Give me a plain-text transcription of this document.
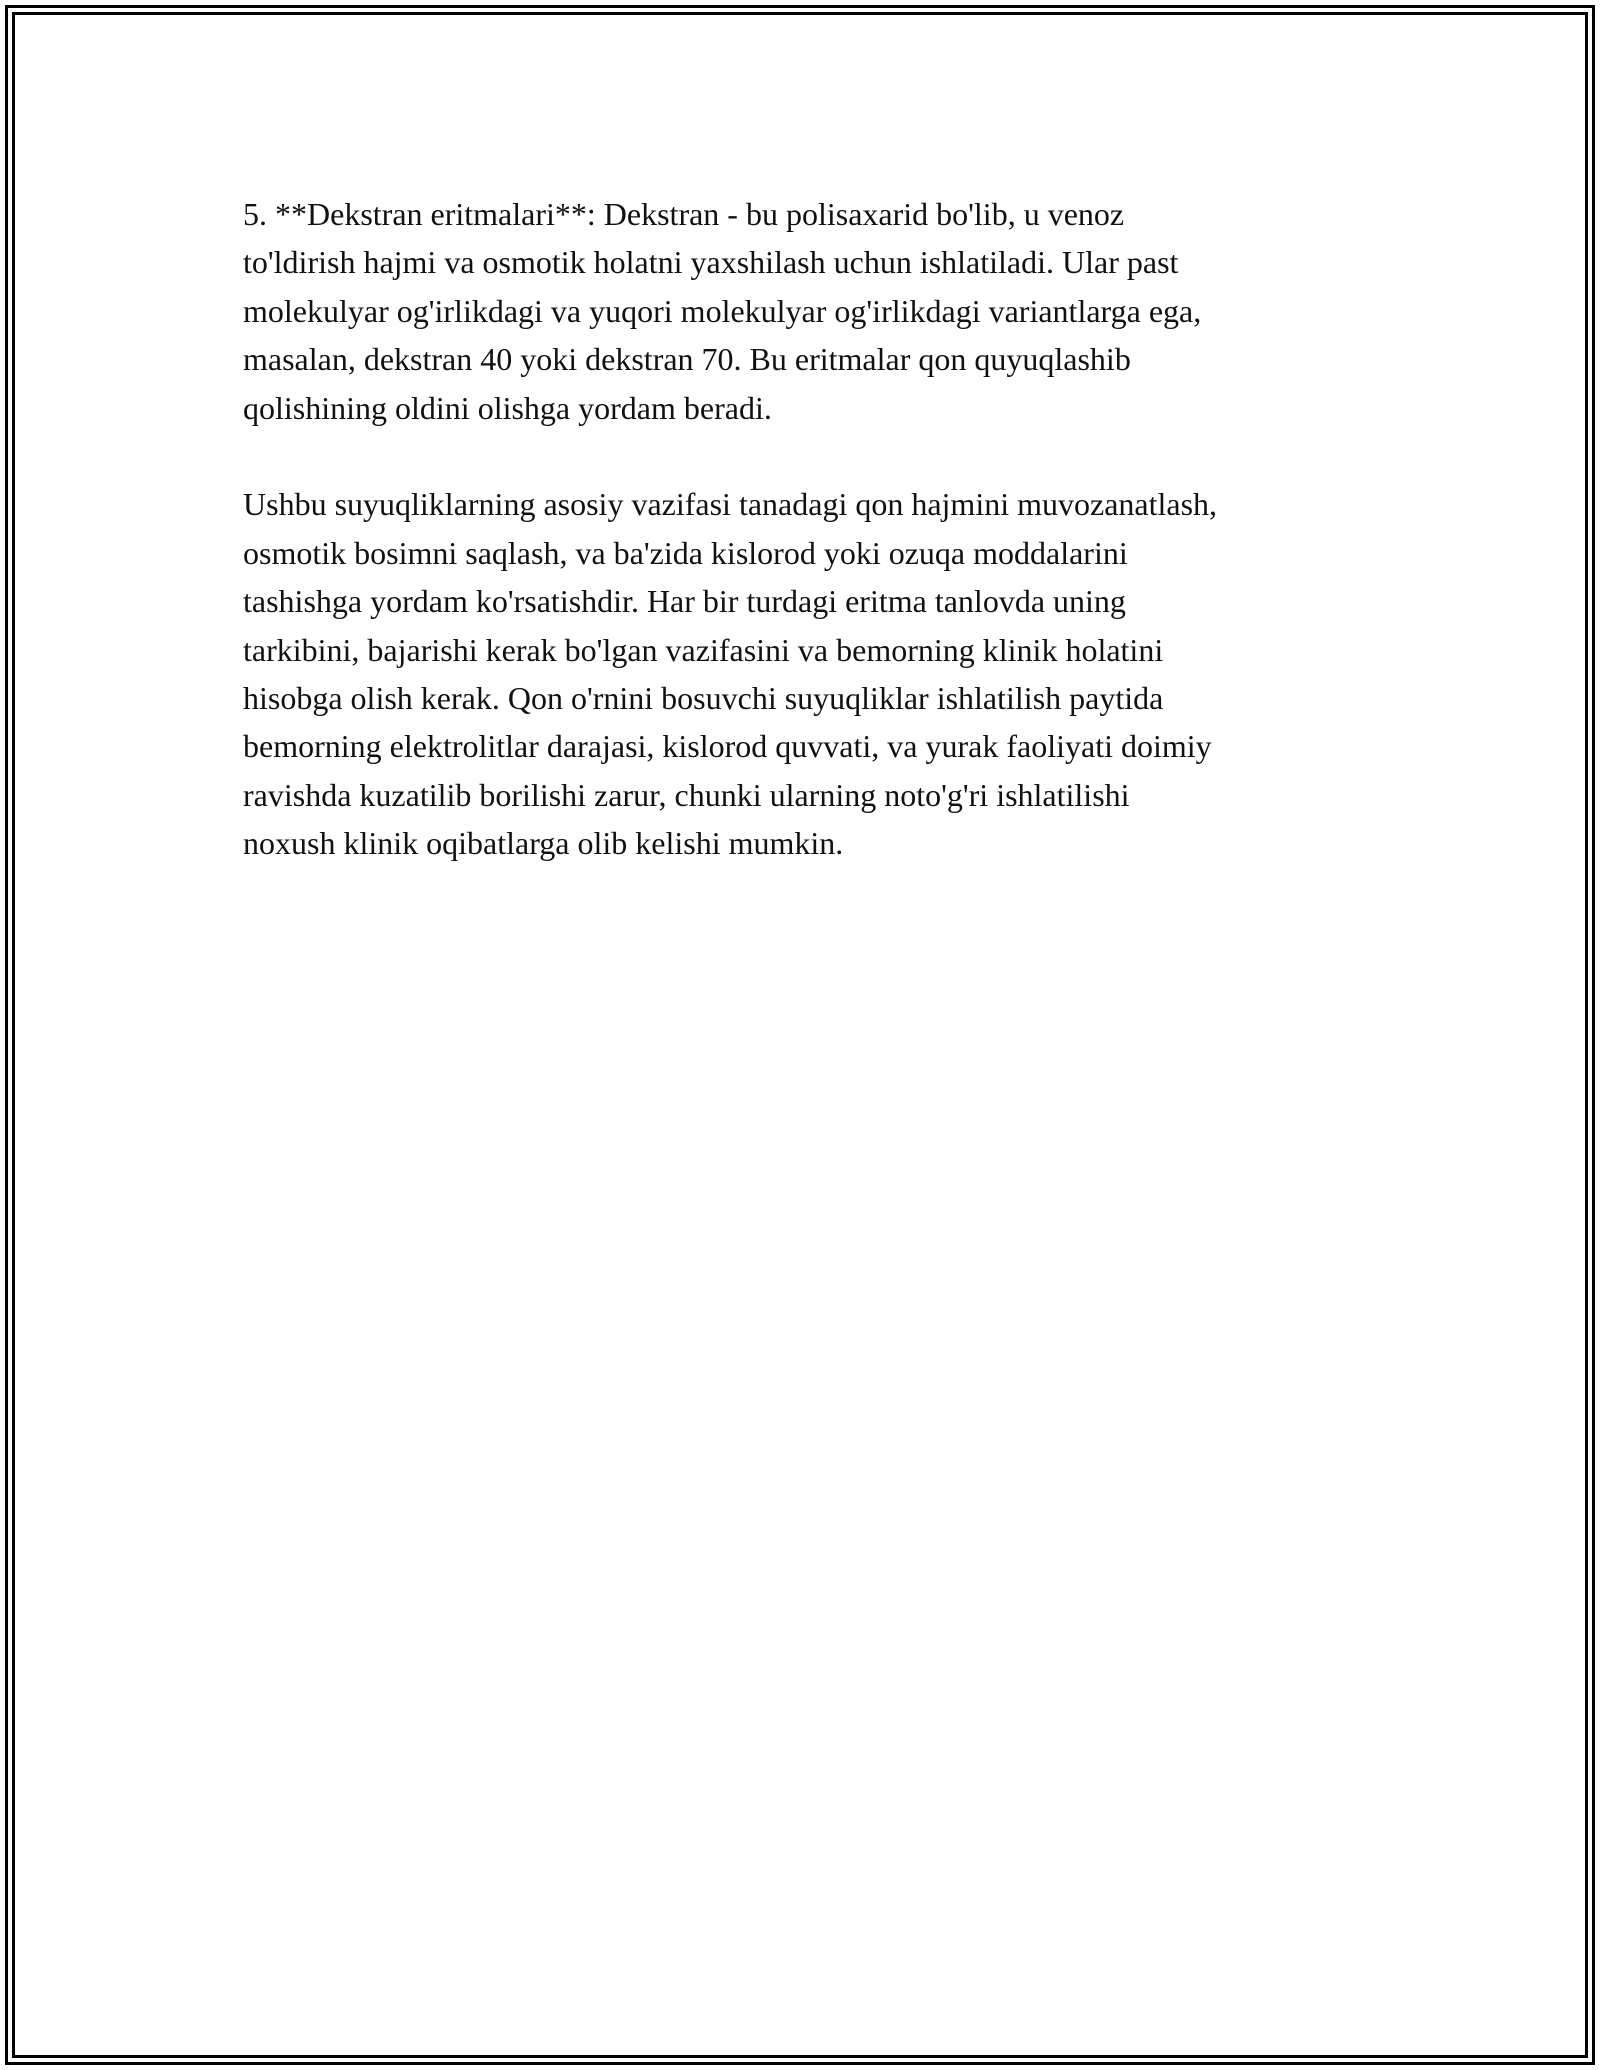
5. **Dekstran eritmalari**: Dekstran - bu polisaxarid bo'lib, u venoz
to'ldirish hajmi va osmotik holatni yaxshilash uchun ishlatiladi. Ular past
molekulyar og'irlikdagi va yuqori molekulyar og'irlikdagi variantlarga ega,
masalan, dekstran 40 yoki dekstran 70. Bu eritmalar qon quyuqlashib
qolishining oldini olishga yordam beradi.

Ushbu suyuqliklarning asosiy vazifasi tanadagi qon hajmini muvozanatlash,
osmotik bosimni saqlash, va ba'zida kislorod yoki ozuqa moddalarini
tashishga yordam ko'rsatishdir. Har bir turdagi eritma tanlovda uning
tarkibini, bajarishi kerak bo'lgan vazifasini va bemorning klinik holatini
hisobga olish kerak. Qon o'rnini bosuvchi suyuqliklar ishlatilish paytida
bemorning elektrolitlar darajasi, kislorod quvvati, va yurak faoliyati doimiy
ravishda kuzatilib borilishi zarur, chunki ularning noto'g'ri ishlatilishi
noxush klinik oqibatlarga olib kelishi mumkin.
